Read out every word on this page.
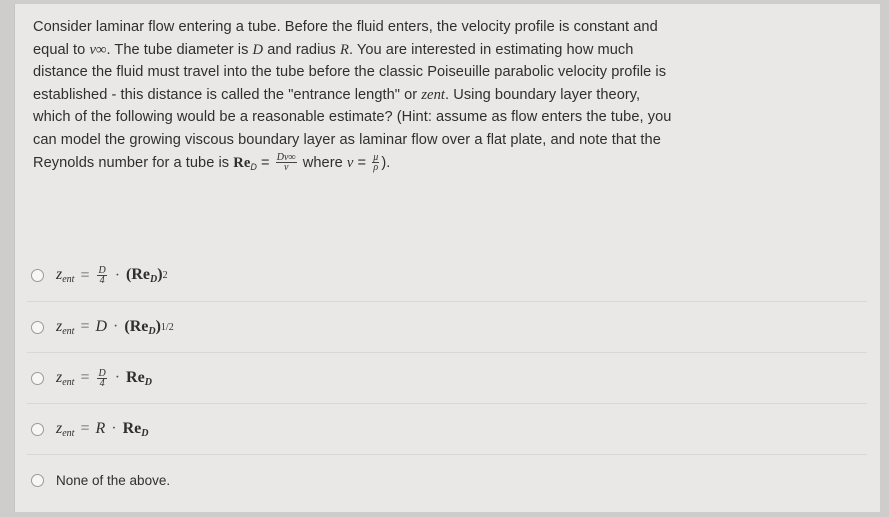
Consider laminar flow entering a tube. Before the fluid enters, the velocity profile is constant and
equal to v∞. The tube diameter is D and radius R. You are interested in estimating how much
distance the fluid must travel into the tube before the classic Poiseuille parabolic velocity profile is
established - this distance is called the "entrance length" or zent. Using boundary layer theory,
which of the following would be a reasonable estimate? (Hint: assume as flow enters the tube, you
can model the growing viscous boundary layer as laminar flow over a flat plate, and note that the
Reynolds number for a tube is $Re_D = \frac{Dv\infty}{\nu}$ where $\nu = \frac{\mu}{\rho}$ ).
zent = $\frac{D}{4} \cdot (ReD)$ 2
zent = D · (ReD) 1/2
zent = $\frac{D}{4}$ · ReD
zent = R · ReD
None of the above.
